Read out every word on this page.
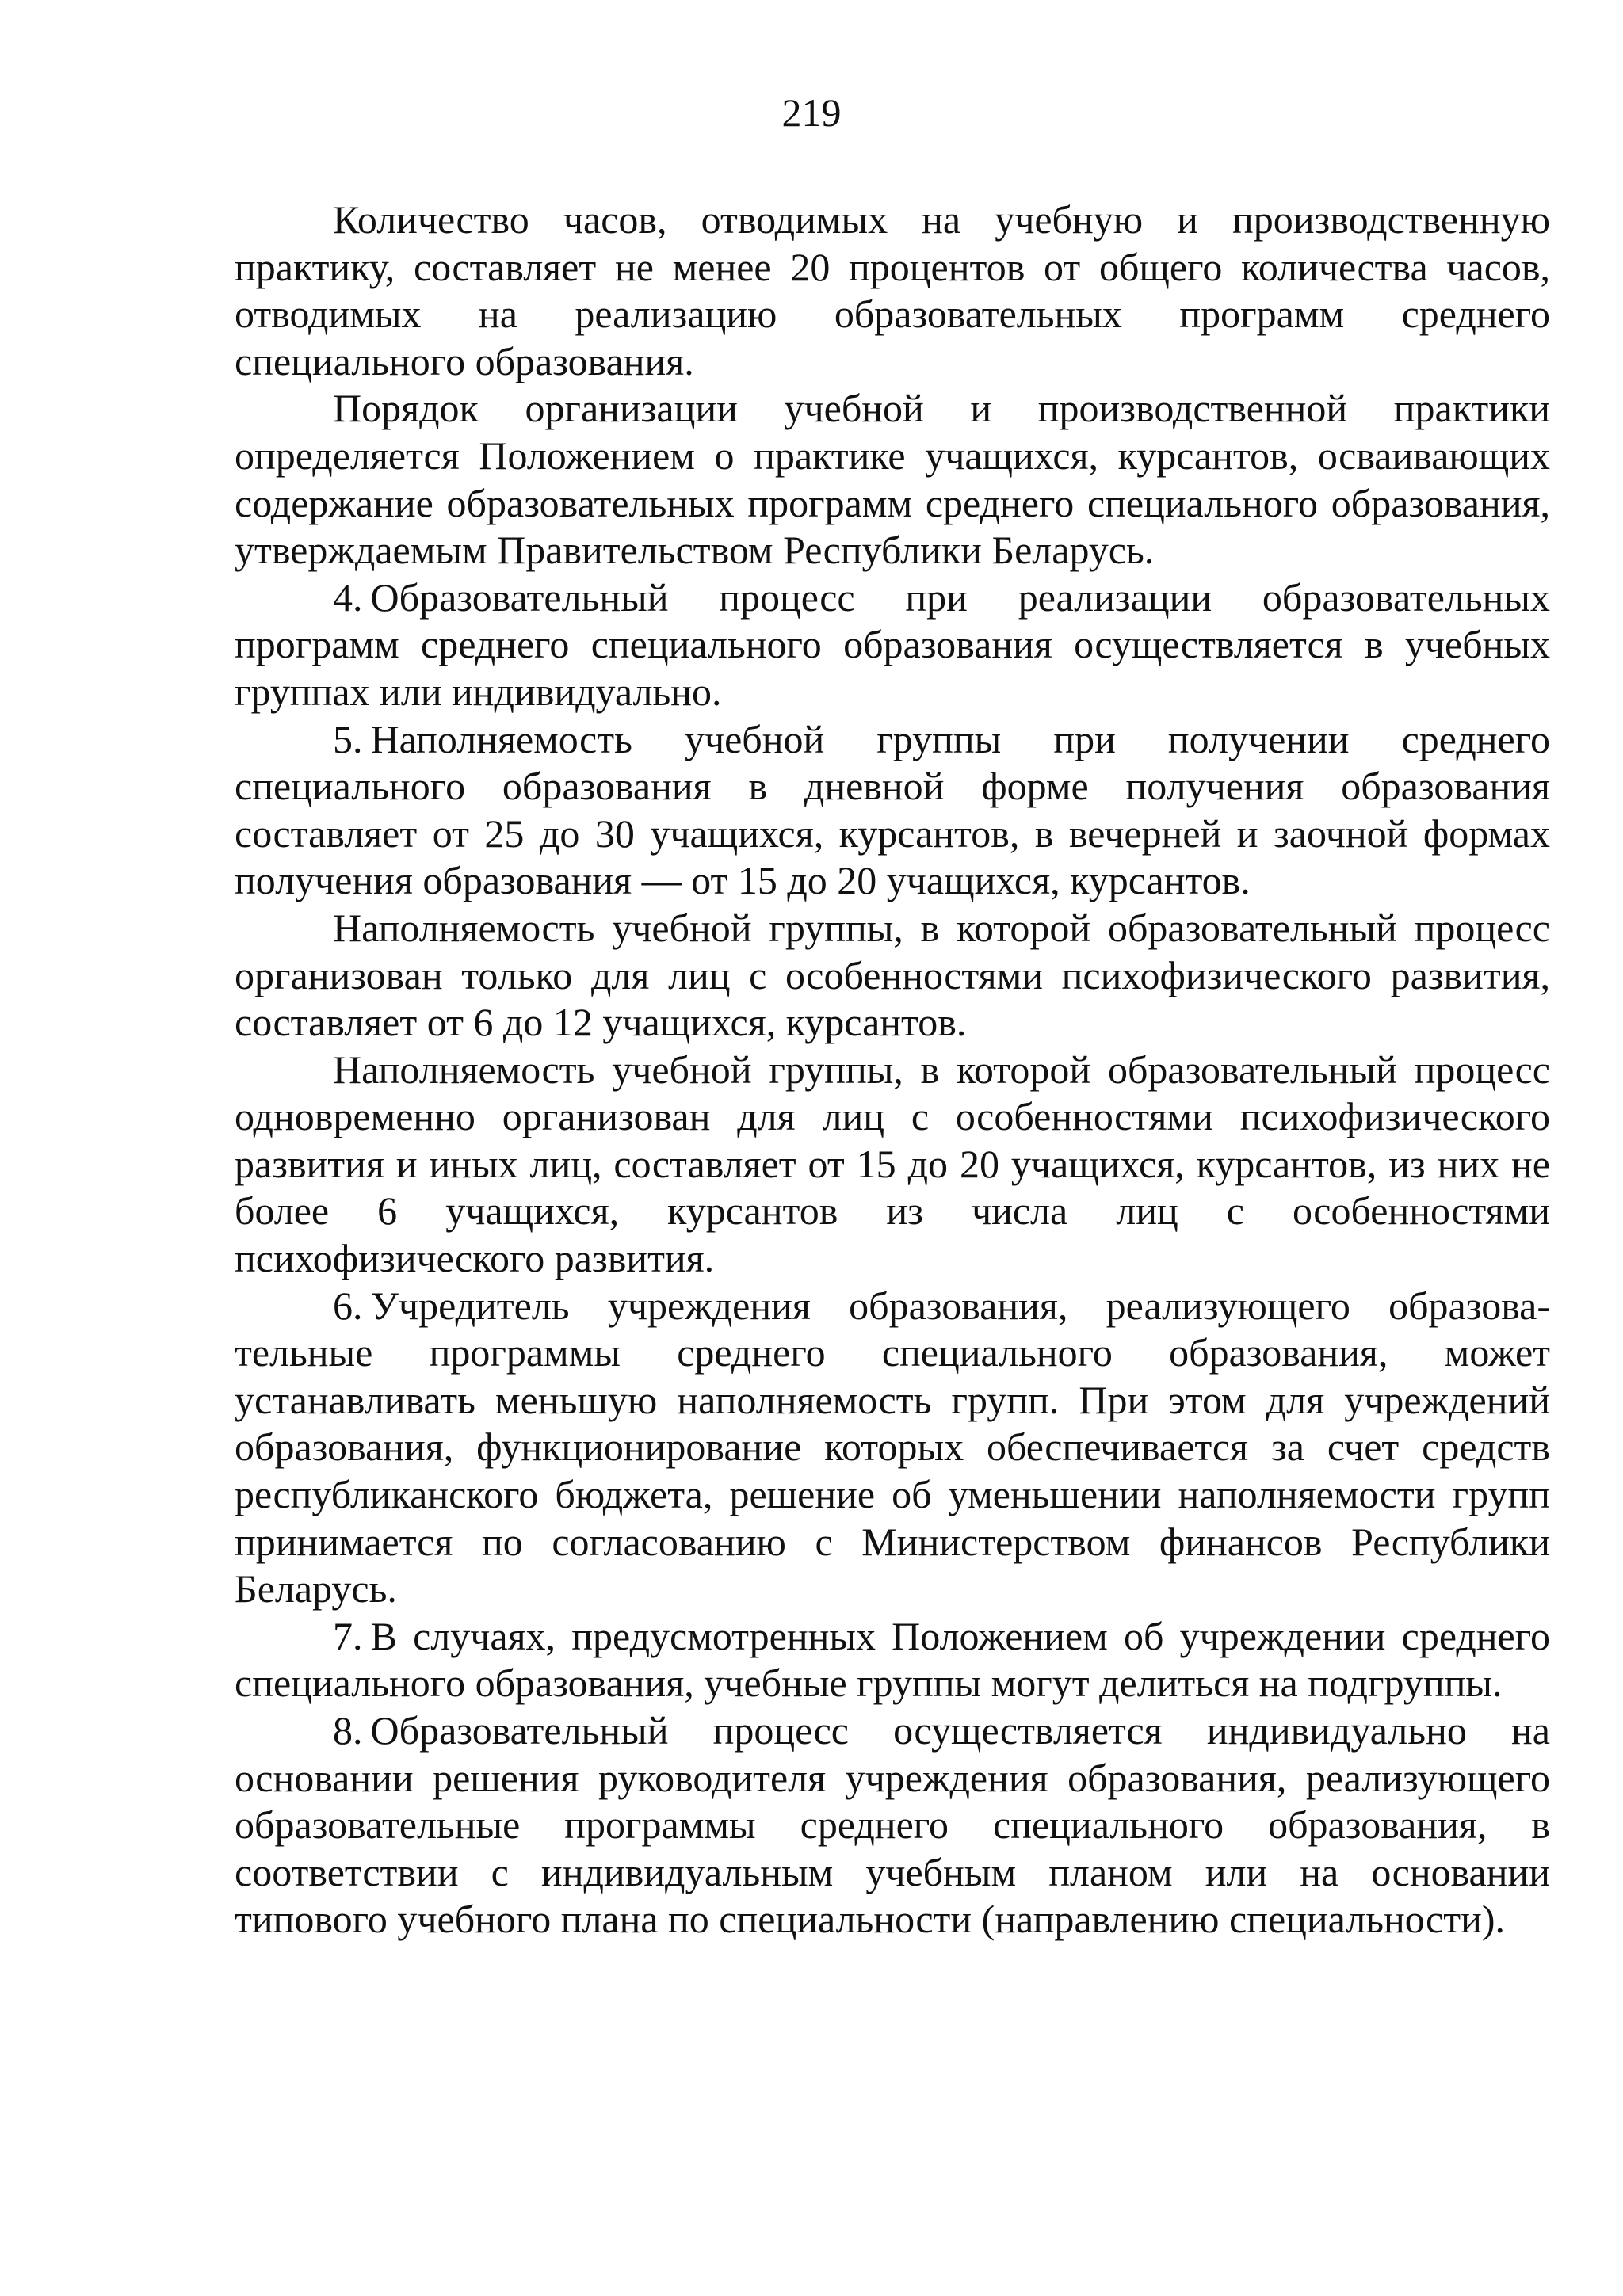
219

Количество часов, отводимых на учебную и производственную практику, составляет не менее 20 процентов от общего количества часов, отводимых на реализацию образовательных программ среднего специального образования.

Порядок организации учебной и производственной практики определяется Положением о практике учащихся, курсантов, осваивающих содержание образовательных программ среднего специального образования, утверждаемым Правительством Республики Беларусь.

4.  Образовательный процесс при реализации образовательных программ среднего специального образования осуществляется в учебных группах или индивидуально.

5.  Наполняемость учебной группы при получении среднего специального образования в дневной форме получения образования составляет от 25 до 30 учащихся, курсантов, в вечерней и заочной формах получения образования — от 15 до 20 учащихся, курсантов.

Наполняемость учебной группы, в которой образовательный процесс организован только для лиц с особенностями психофизического развития, составляет от 6 до 12 учащихся, курсантов.

Наполняемость учебной группы, в которой образовательный процесс одновременно организован для лиц с особенностями психофизического развития и иных лиц, составляет от 15 до 20 учащихся, курсантов, из них не более 6 учащихся, курсантов из числа лиц с особенностями психофизического развития.

6.  Учредитель учреждения образования, реализующего образовательные программы среднего специального образования, может устанавливать меньшую наполняемость групп. При этом для учреждений образования, функционирование которых обеспечивается за счет средств республиканского бюджета, решение об уменьшении наполняемости групп принимается по согласованию с Министерством финансов Республики Беларусь.

7.  В случаях, предусмотренных Положением об учреждении среднего специального образования, учебные группы могут делиться на подгруппы.

8.  Образовательный процесс осуществляется индивидуально на основании решения руководителя учреждения образования, реализующего образовательные программы среднего специального образования, в соответствии с индивидуальным учебным планом или на основании типового учебного плана по специальности (направлению специальности).
